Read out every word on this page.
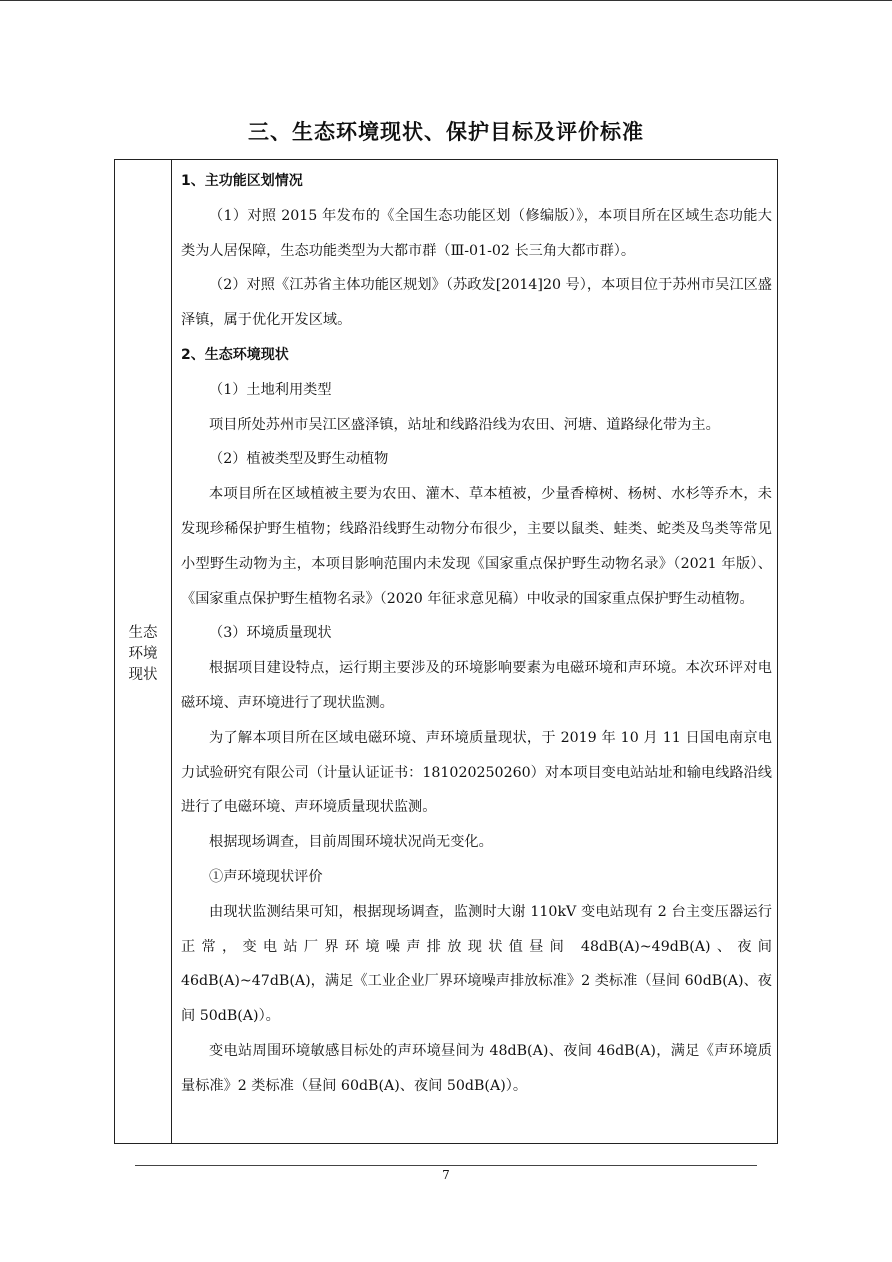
三、生态环境现状、保护目标及评价标准
生态
环境
现状

1、主功能区划情况

（1）对照 2015 年发布的《全国生态功能区划（修编版）》，本项目所在区域生态功能大类为人居保障，生态功能类型为大都市群（Ⅲ-01-02 长三角大都市群）。

（2）对照《江苏省主体功能区规划》（苏政发[2014]20 号），本项目位于苏州市吴江区盛泽镇，属于优化开发区域。

2、生态环境现状

（1）土地利用类型

项目所处苏州市吴江区盛泽镇，站址和线路沿线为农田、河塘、道路绿化带为主。

（2）植被类型及野生动植物

本项目所在区域植被主要为农田、灌木、草本植被，少量香樟树、杨树、水杉等乔木，未发现珍稀保护野生植物；线路沿线野生动物分布很少，主要以鼠类、蛙类、蛇类及鸟类等常见小型野生动物为主，本项目影响范围内未发现《国家重点保护野生动物名录》（2021 年版）、《国家重点保护野生植物名录》（2020 年征求意见稿）中收录的国家重点保护野生动植物。

（3）环境质量现状

根据项目建设特点，运行期主要涉及的环境影响要素为电磁环境和声环境。本次环评对电磁环境、声环境进行了现状监测。

为了解本项目所在区域电磁环境、声环境质量现状，于 2019 年 10 月 11 日国电南京电力试验研究有限公司（计量认证证书：181020250260）对本项目变电站站址和输电线路沿线进行了电磁环境、声环境质量现状监测。

根据现场调查，目前周围环境状况尚无变化。

①声环境现状评价

由现状监测结果可知，根据现场调查，监测时大谢 110kV 变电站现有 2 台主变压器运行正常，变电站厂界环境噪声排放现状值昼间 48dB(A)~49dB(A)、夜间 46dB(A)~47dB(A)，满足《工业企业厂界环境噪声排放标准》2 类标准（昼间 60dB(A)、夜间 50dB(A)）。

变电站周围环境敏感目标处的声环境昼间为 48dB(A)、夜间 46dB(A)，满足《声环境质量标准》2 类标准（昼间 60dB(A)、夜间 50dB(A)）。

7
